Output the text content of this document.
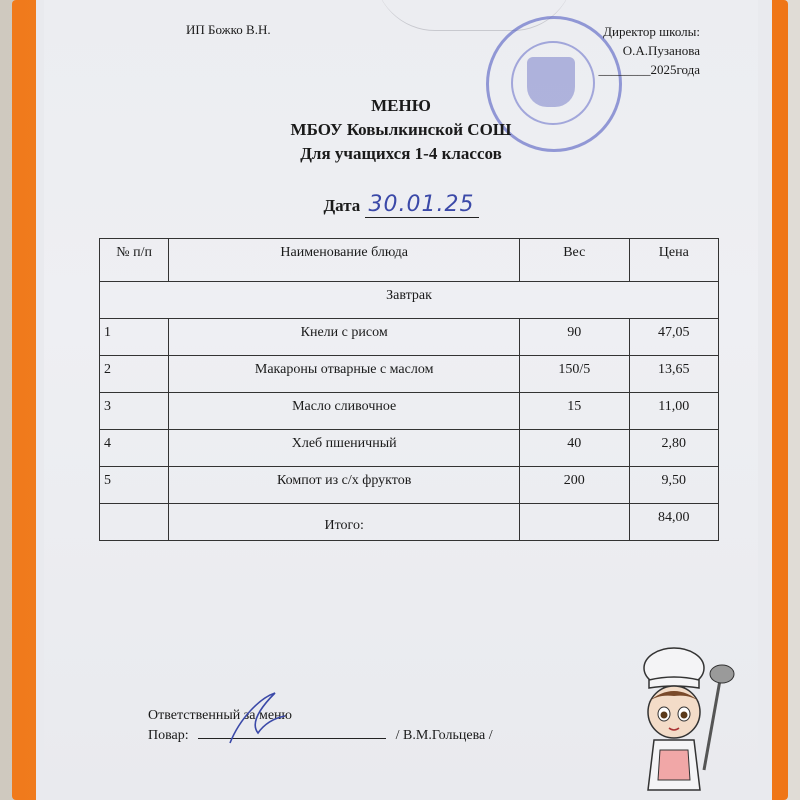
ИП Божко В.Н.	Директор школы:
О.А.Пузанова
________2025года
МЕНЮ
МБОУ Ковылкинской СОШ
Для учащихся 1-4 классов
Дата 30.01.25
№ п/п	Наименование блюда	Вес	Цена
Завтрак			
1	Кнели с рисом	90	47,05
2	Макароны отварные с маслом	150/5	13,65
3	Масло сливочное	15	11,00
4	Хлеб пшеничный	40	2,80
5	Компот из с/х фруктов	200	9,50
	Итого:		84,00
Ответственный за меню
Повар:	/ В.М.Гольцева /
